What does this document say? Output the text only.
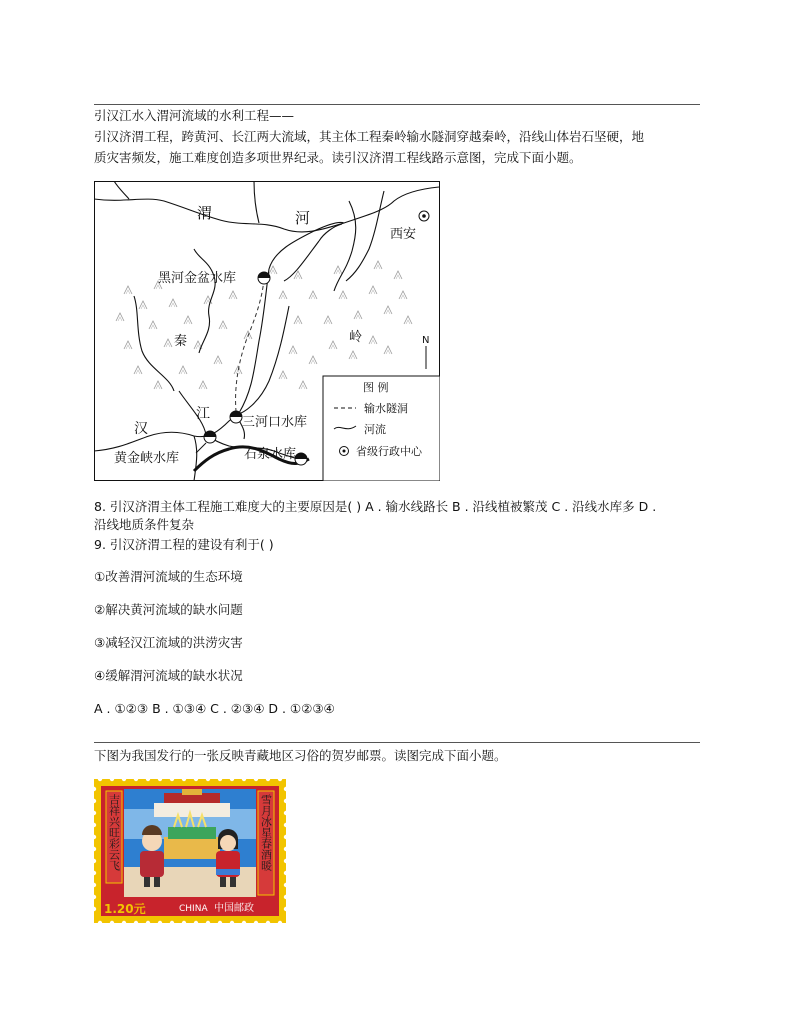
引汉江水入渭河流域的水利工程——
引汉济渭工程，跨黄河、长江两大流域，其主体工程秦岭输水隧洞穿越秦岭，沿线山体岩石坚硬，地
质灾害频发，施工难度创造多项世界纪录。读引汉济渭工程线路示意图，完成下面小题。
渭	河
西安
黑河金盆水库
秦	岭
江
汉	三河口水库
石泉水库
黄金峡水库
N
图 例
输水隧洞
河流
省级行政中心
8. 引汉济渭主体工程施工难度大的主要原因是( ) A . 输水线路长 B . 沿线植被繁茂 C . 沿线水库多 D .
沿线地质条件复杂
9. 引汉济渭工程的建设有利于( )
①改善渭河流域的生态环境
②解决黄河流域的缺水问题
③减轻汉江流域的洪涝灾害
④缓解渭河流域的缺水状况
A . ①②③ B . ①③④ C . ②③④ D . ①②③④
下图为我国发行的一张反映青藏地区习俗的贺岁邮票。读图完成下面小题。
吉祥兴旺彩云飞	雪月冰星春酒暖
1.20元	CHINA 中国邮政
